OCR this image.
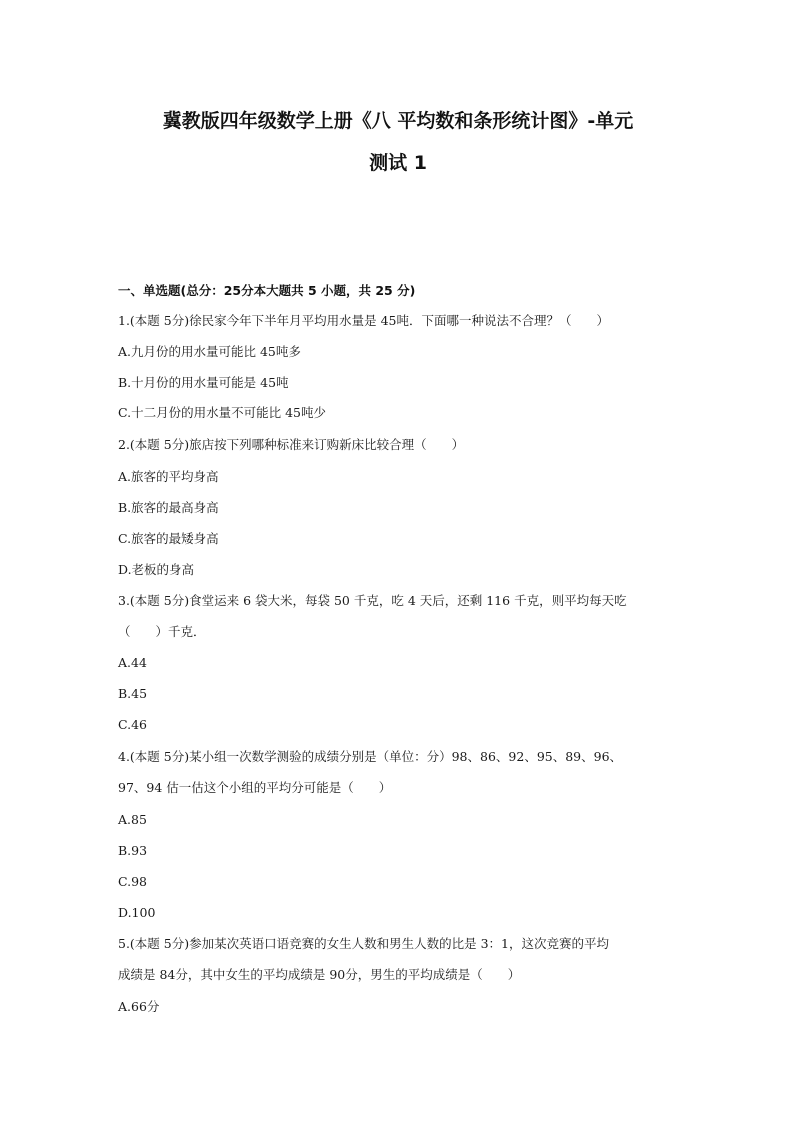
冀教版四年级数学上册《八 平均数和条形统计图》-单元
测试 1
一、单选题(总分：25分本大题共 5 小题，共 25 分)
1.(本题 5分)徐民家今年下半年月平均用水量是 45吨．下面哪一种说法不合理？（　　）
A.九月份的用水量可能比 45吨多
B.十月份的用水量可能是 45吨
C.十二月份的用水量不可能比 45吨少
2.(本题 5分)旅店按下列哪种标准来订购新床比较合理（　　）
A.旅客的平均身高
B.旅客的最高身高
C.旅客的最矮身高
D.老板的身高
3.(本题 5分)食堂运来 6 袋大米，每袋 50 千克，吃 4 天后，还剩 116 千克，则平均每天吃
（　　）千克．
A.44
B.45
C.46
4.(本题 5分)某小组一次数学测验的成绩分别是（单位：分）98、86、92、95、89、96、
97、94 估一估这个小组的平均分可能是（　　）
A.85
B.93
C.98
D.100
5.(本题 5分)参加某次英语口语竞赛的女生人数和男生人数的比是 3：1，这次竞赛的平均
成绩是 84分，其中女生的平均成绩是 90分，男生的平均成绩是（　　）
A.66分
